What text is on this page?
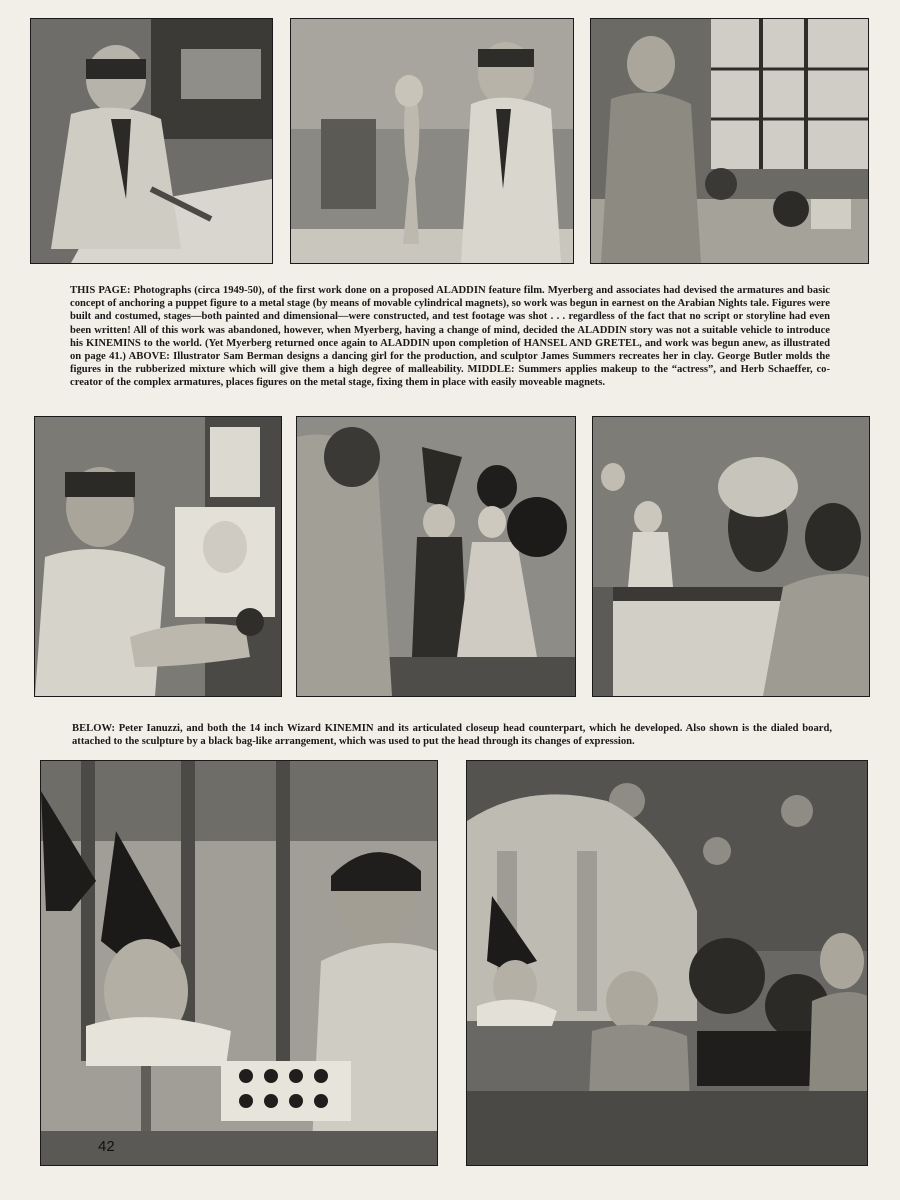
THIS PAGE: Photographs (circa 1949-50), of the first work done on a proposed ALADDIN feature film. Myerberg and associates had devised the armatures and basic concept of anchoring a puppet figure to a metal stage (by means of movable cylindrical magnets), so work was begun in earnest on the Arabian Nights tale. Figures were built and costumed, stages—both painted and dimensional—were constructed, and test footage was shot . . . regardless of the fact that no script or storyline had even been written! All of this work was abandoned, however, when Myerberg, having a change of mind, decided the ALADDIN story was not a suitable vehicle to introduce his KINEMINS to the world. (Yet Myerberg returned once again to ALADDIN upon completion of HANSEL AND GRETEL, and work was begun anew, as illustrated on page 41.) ABOVE: Illustrator Sam Berman designs a dancing girl for the production, and sculptor James Summers recreates her in clay. George Butler molds the figures in the rubberized mixture which will give them a high degree of malleability. MIDDLE: Summers applies makeup to the “actress”, and Herb Schaeffer, co-creator of the complex armatures, places figures on the metal stage, fixing them in place with easily moveable magnets.

BELOW: Peter Ianuzzi, and both the 14 inch Wizard KINEMIN and its articulated closeup head counterpart, which he developed. Also shown is the dialed board, attached to the sculpture by a black bag-like arrangement, which was used to put the head through its changes of expression.

42
